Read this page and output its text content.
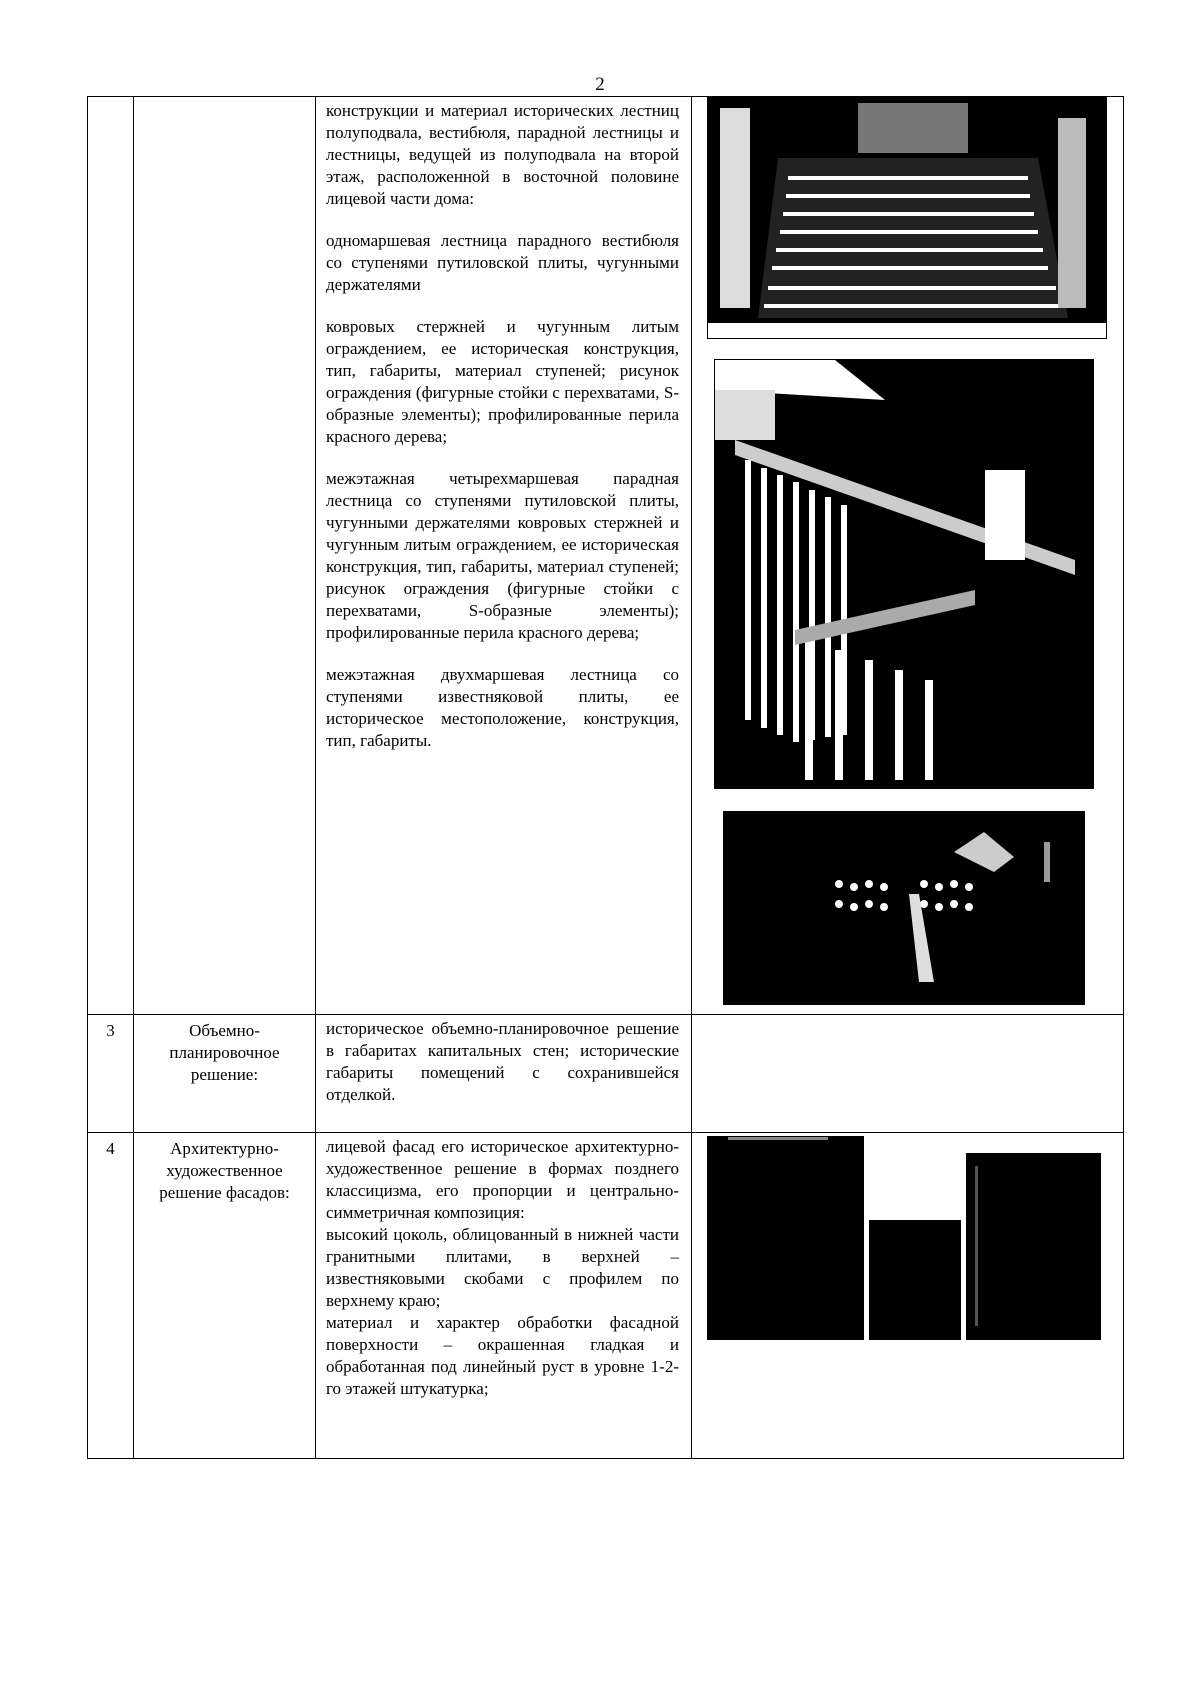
2

		конструкции и материал исторических лестниц полуподвала, вестибюля, парадной лестницы и лестницы, ведущей из полуподвала на второй этаж, расположенной в восточной половине лицевой части дома:

одномаршевая лестница парадного вестибюля со ступенями путиловской плиты, чугунными держателями

ковровых стержней и чугунным литым ограждением, ее историческая конструкция, тип, габариты, материал ступеней; рисунок ограждения (фигурные стойки с перехватами, S-образные элементы); профилированные перила красного дерева;

межэтажная четырехмаршевая парадная лестница со ступенями путиловской плиты, чугунными держателями ковровых стержней и чугунным литым ограждением, ее историческая конструкция, тип, габариты, материал ступеней; рисунок ограждения (фигурные стойки с перехватами, S-образные элементы); профилированные перила красного дерева;

межэтажная двухмаршевая лестница со ступенями известняковой плиты, ее историческое местоположение, конструкция, тип, габариты.

3	Объемно-планировочное решение:	историческое объемно-планировочное решение в габаритах капитальных стен; исторические габариты помещений с сохранившейся отделкой.	

4	Архитектурно-художественное решение фасадов:	лицевой фасад его историческое архитектурно-художественное решение в формах позднего классицизма, его пропорции и центрально-симметричная композиция:

высокий цоколь, облицованный в нижней части гранитными плитами, в верхней – известняковыми скобами с профилем по верхнему краю;

материал и характер обработки фасадной поверхности – окрашенная гладкая и обработанная под линейный руст в уровне 1-2-го этажей штукатурка;
